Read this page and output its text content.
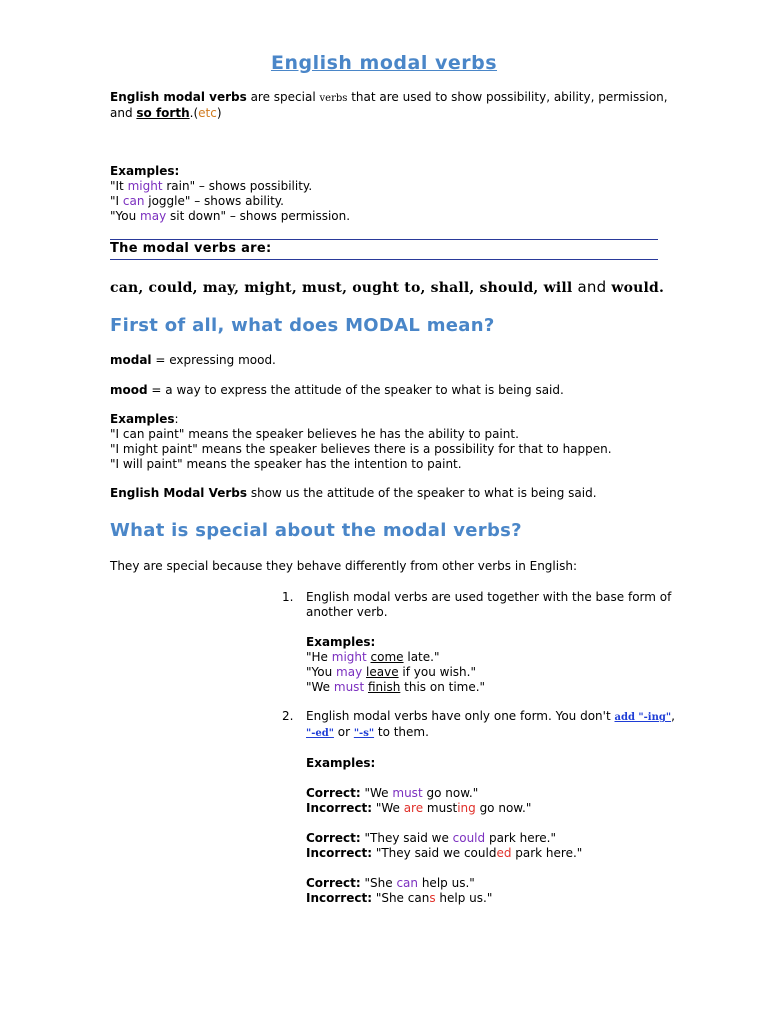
English modal verbs

English modal verbs are special verbs that are used to show possibility, ability, permission, and so forth.(etc)

Examples:

"It might rain" – shows possibility.

"I can joggle" – shows ability.

"You may sit down" – shows permission.

The modal verbs are:
can, could, may, might, must, ought to, shall, should, will and would.
First of all, what does MODAL mean?

modal = expressing mood.

mood = a way to express the attitude of the speaker to what is being said.

Examples:

"I can paint" means the speaker believes he has the ability to paint.

"I might paint" means the speaker believes there is a possibility for that to happen.

"I will paint" means the speaker has the intention to paint.

English Modal Verbs show us the attitude of the speaker to what is being said.

What is special about the modal verbs?

They are special because they behave differently from other verbs in English:

1. English modal verbs are used together with the base form of another verb.

Examples:

"He might come late."

"You may leave if you wish."

"We must finish this on time."

2. English modal verbs have only one form. You don't add "-ing", "-ed" or "-s" to them.

Examples:

Correct: "We must go now."

Incorrect: "We are musting go now."

Correct: "They said we could park here."

Incorrect: "They said we coulded park here."

Correct: "She can help us."

Incorrect: "She cans help us."
